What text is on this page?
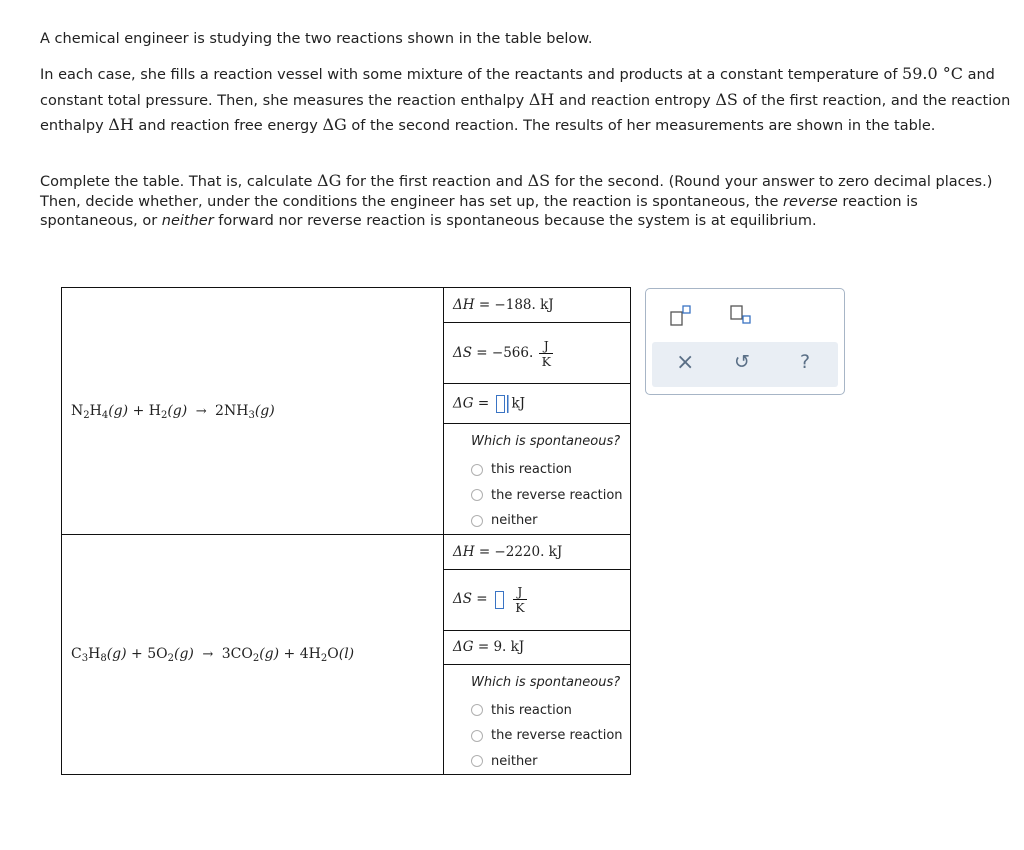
A chemical engineer is studying the two reactions shown in the table below.

In each case, she fills a reaction vessel with some mixture of the reactants and products at a constant temperature of 59.0 °C and constant total pressure. Then, she measures the reaction enthalpy ΔH and reaction entropy ΔS of the first reaction, and the reaction enthalpy ΔH and reaction free energy ΔG of the second reaction. The results of her measurements are shown in the table.
Complete the table. That is, calculate ΔG for the first reaction and ΔS for the second. (Round your answer to zero decimal places.) Then, decide whether, under the conditions the engineer has set up, the reaction is spontaneous, the reverse reaction is spontaneous, or neither forward nor reverse reaction is spontaneous because the system is at equilibrium.
$N_2H_4(g) + H_2(g) \to 2NH_3(g)$	ΔH = −188. kJ

	ΔS = −566. $\frac{J}{K}$

	ΔG = kJ

	Which is spontaneous?
this reaction
the reverse reaction
neither

$C_3H_8(g) + 5O_2(g) \to 3CO_2(g) + 4H_2O(l)$	ΔH = −2220. kJ

	$\Delta S = \frac{J}{K}$

	ΔG = 9. kJ

	Which is spontaneous?
this reaction
the reverse reaction
neither
× ↺	?
